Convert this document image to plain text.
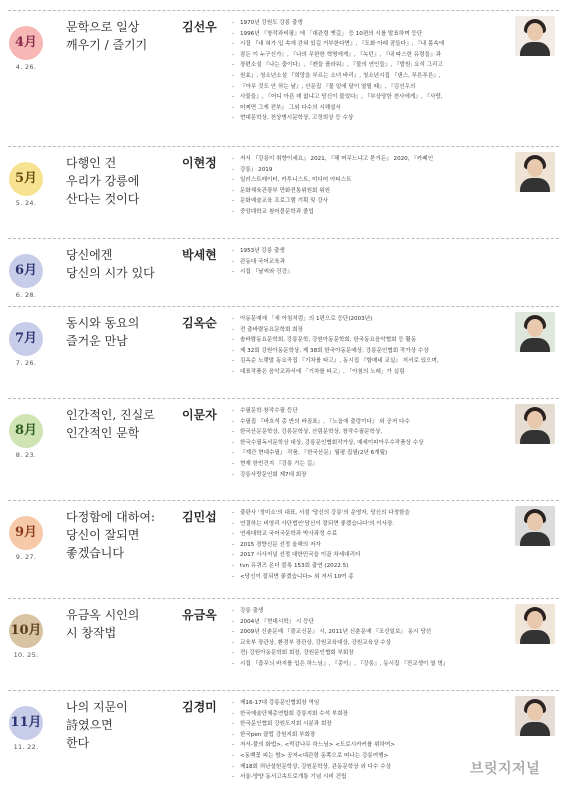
4月
4. 26.
문학으로 일상
깨우기 / 즐기기
김선우	- 1970년 강원도 강릉 출생
- 1996년 『창작과비평』에 「대관령 옛길」 등 10편의 시를 발표하며 등단
- 시집 『내 혀가 입 속에 갇혀 있길 거부한다면』, 『도화 아래 잠들다』, 『내 몸속에
- 잠든 이 누구신가』, 『나의 무한한 혁명에게』, 『녹턴』, 『내 따스한 유령들』과
- 장편소설 『나는 춤이다』, 『캔들 플라워』, 『물의 연인들』, 『발원: 요석 그리고
- 원효』, 청소년소설 『희망을 부르는 소녀 바리』, 청소년시집 『댄스, 푸른푸른』,
- 『아무 것도 안 하는 날』, 산문집 『물 밑에 달이 열릴 때』, 『김선우의
- 사물들』, 『어디 아픈 데 없냐고 당신이 물었다』, 『부상당한 천사에게』, 『사랑,
- 어쩌면 그게 전부』 그외 다수의 시해설서
- 현대문학상, 천상병시문학상, 고정희상 등 수상
5月
5. 24.
다행인 건
우리가 강릉에
산다는 것이다
이현정	- 저서 『강릉이 취향이세요』 2021, 『해 머무느냐고 묻거든』 2020, 『카페인
- 강릉』 2019
- 일러스트레이터, 카투니스트, 미디어 아티스트
- 문화체육관광부 만화전통위원회 위원
- 문화예술교육 프로그램 기획 및 강사
- 중앙대학교 첨어블문학과 졸업
6月
6. 28.
당신에겐
당신의 시가 있다
박세현	- 1953년 강릉 출생
- 관동대 국어교육과
- 시집 『날씨와 건강』
7月
7. 26.
동시와 동요의
즐거운 만남
김옥순	- 아동문예에 「새 아침처럼」의 1편으로 등단(2003년)
- 전 출바람동요문학회 회장
- 솔바람동요문학회, 강릉문학, 강원아동문학회, 한국동요음악협회 등 활동
- 제 32회 강원아동문학상, 제 38회 한국아동문예상, 강릉문인협회 작가상 수상
- 김옥순 노랫말 동요곡집 『기차를 타고』, 동시집 『할매네 교실』 저서로 있으며,
- 대표작품은 음악교과서에 「기차를 타고」, 「아침의 노래」가 실림
8月
8. 23.
인간적인, 진실로
인간적인 문학
이문자	- 수필문학·창작수필 등단
- 수필집 『바흐석 총 반의 바짐표』, 『노을에 출렁이다』 외 공저 다수
- 한국산문문학상, 강릉문학상, 산림문학상, 창작수필문학상,
- 한국수필독서문학상 대상, 강릉문인협회작가상, 예세이피아우수작품상 수상
- 『계간 현대수필』 작품, 『한국산문』월평 집필(2년 6개월)
- 현재 한빈건지 『강릉 가는 길』
- 강릉사랑문인회 제7대 회장
9月
9. 27.
다정함에 대하여:
당신이 잘되면
좋겠습니다
김민섭	- 출판사 '정미소'의 대표, 서점 '당신의 강릉'의 운영자, 당신의 다정함을
- 연결하는 비영리 사단법인'당신이 잘되면 좋겠습니다'의 이사장.
- 연세대학교 국어국문학과 박사과정 수료
- 2015 경향신문 선정 올해의 저자
- 2017 시사저널 선정 대한민국을 이끌 차세대리더
- tvn 유퀴즈 온더 블록 153회 출연 (2022.5)
- <당신이 잘되면 좋겠습니다> 외 저서 10여 종
10月
10. 25.
유금옥 시인의
시 창작법
유금옥	- 강릉 출생
- 2004년 『현대시학』 시 등단
- 2009년 신춘문예 『불교신문』 시, 2011년 신춘문예 『조선일보』 동시 당선
- 교육부 장관상, 환경부 장관상, 강원교육대상, 강원교육상 수상
- 전) 강원아동문학회 회장, 강원문인협회 부회장
- 시집 『춤무늬 바지를 입은 하느님』, 『종이』, 『강릉』, 동시집 『전교생이 열 명』
11月
11. 22.
나의 지문이
詩였으면
한다
김경미	- 제16-17대 강릉문인협회장 역임
- 한국예술단체총연합회 강릉지회 수석 부회장
- 한국문인협회 강원도지회 시분과 회장
- 한국pen 클럽 강원지회 부회장
- 저서-풀의 화법>, <먹감나무 하느님> <도로시카커를 위하여>
- <동백꽃 피는 밤> 공저<대관령 동쪽으로 떠나는 강릉여행>
- 제18회 허난설헌문학상, 강원문학상, 관동문학상 외 다수 수상
- 서울-양양 동서고속도로개통 기념 시비 건립
브릿지저널
